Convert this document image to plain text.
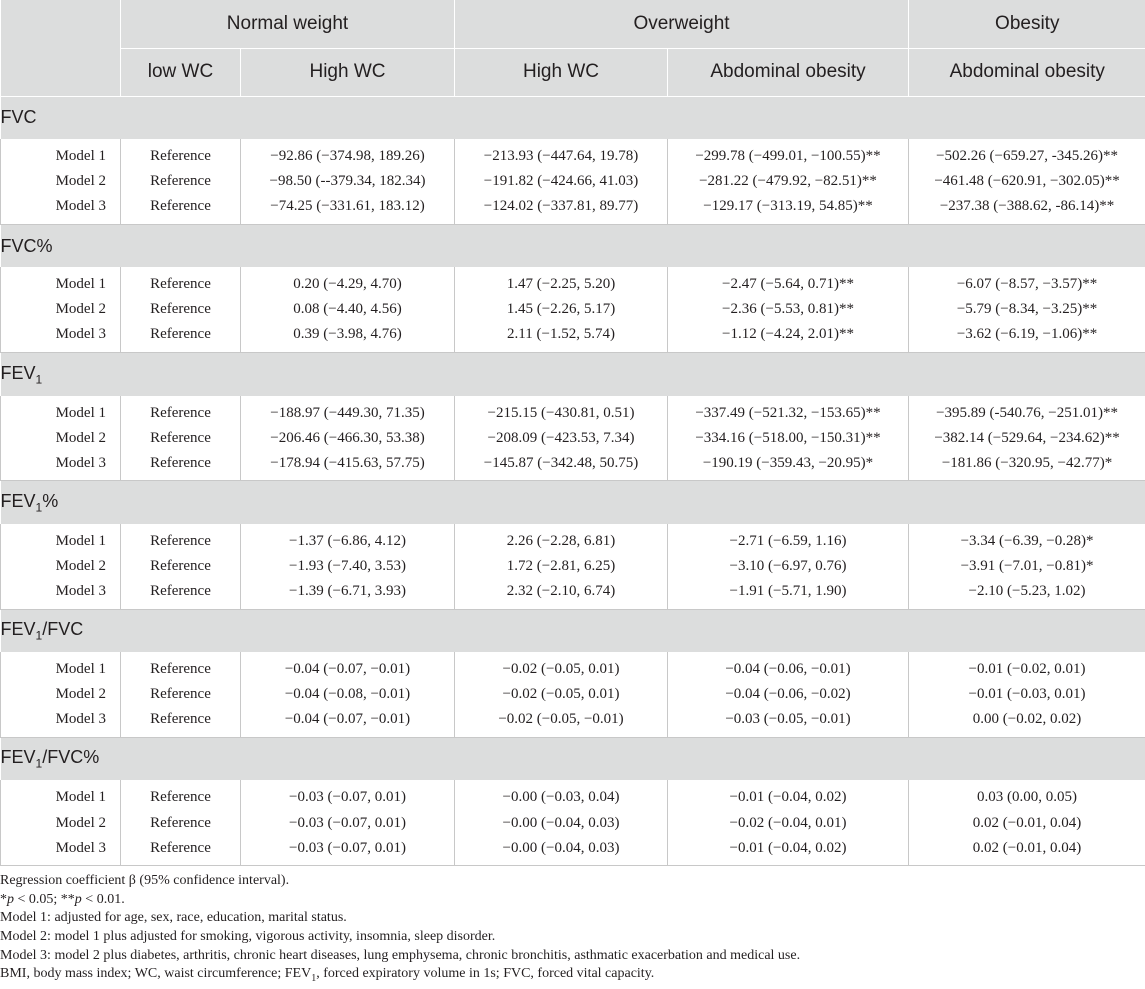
	Normal weight		Overweight		Obesity
	low WC	High WC	High WC	Abdominal obesity	Abdominal obesity
FVC					
Model 1	Reference	−92.86 (−374.98, 189.26)	−213.93 (−447.64, 19.78)	−299.78 (−499.01, −100.55)**	−502.26 (−659.27, -345.26)**
Model 2	Reference	−98.50 (--379.34, 182.34)	−191.82 (−424.66, 41.03)	−281.22 (−479.92, −82.51)**	−461.48 (−620.91, −302.05)**
Model 3	Reference	−74.25 (−331.61, 183.12)	−124.02 (−337.81, 89.77)	−129.17 (−313.19, 54.85)**	−237.38 (−388.62, -86.14)**
FVC%					
Model 1	Reference	0.20 (−4.29, 4.70)	1.47 (−2.25, 5.20)	−2.47 (−5.64, 0.71)**	−6.07 (−8.57, −3.57)**
Model 2	Reference	0.08 (−4.40, 4.56)	1.45 (−2.26, 5.17)	−2.36 (−5.53, 0.81)**	−5.79 (−8.34, −3.25)**
Model 3	Reference	0.39 (−3.98, 4.76)	2.11 (−1.52, 5.74)	−1.12 (−4.24, 2.01)**	−3.62 (−6.19, −1.06)**
$FEV_1$
Model 1	Reference	−188.97 (−449.30, 71.35)	−215.15 (−430.81, 0.51)	−337.49 (−521.32, −153.65)**	−395.89 (-540.76, −251.01)**
Model 2	Reference	−206.46 (−466.30, 53.38)	−208.09 (−423.53, 7.34)	−334.16 (−518.00, −150.31)**	−382.14 (−529.64, −234.62)**
Model 3	Reference	−178.94 (−415.63, 57.75)	−145.87 (−342.48, 50.75)	−190.19 (−359.43, −20.95)*	−181.86 (−320.95, −42.77)*
$FEV_1\%$					
Model 1	Reference	−1.37 (−6.86, 4.12)	2.26 (−2.28, 6.81)	−2.71 (−6.59, 1.16)	−3.34 (−6.39, −0.28)*
Model 2	Reference	−1.93 (−7.40, 3.53)	1.72 (−2.81, 6.25)	−3.10 (−6.97, 0.76)	−3.91 (−7.01, −0.81)*
Model 3	Reference	−1.39 (−6.71, 3.93)	2.32 (−2.10, 6.74)	−1.91 (−5.71, 1.90)	−2.10 (−5.23, 1.02)
$FEV_1$/FVC					
Model 1	Reference	−0.04 (−0.07, −0.01)	−0.02 (−0.05, 0.01)	−0.04 (−0.06, −0.01)	−0.01 (−0.02, 0.01)
Model 2	Reference	−0.04 (−0.08, −0.01)	−0.02 (−0.05, 0.01)	−0.04 (−0.06, −0.02)	−0.01 (−0.03, 0.01)
Model 3	Reference	−0.04 (−0.07, −0.01)	−0.02 (−0.05, −0.01)	−0.03 (−0.05, −0.01)	0.00 (−0.02, 0.02)
$FEV_1/FVC\%$					
Model 1	Reference	−0.03 (−0.07, 0.01)	−0.00 (−0.03, 0.04)	−0.01 (−0.04, 0.02)	0.03 (0.00, 0.05)
Model 2	Reference	−0.03 (−0.07, 0.01)	−0.00 (−0.04, 0.03)	−0.02 (−0.04, 0.01)	0.02 (−0.01, 0.04)
Model 3	Reference	−0.03 (−0.07, 0.01)	−0.00 (−0.04, 0.03)	−0.01 (−0.04, 0.02)	0.02 (−0.01, 0.04)

Regression coefficient β (95% confidence interval).

*p < 0.05; **p < 0.01.

Model 1: adjusted for age, sex, race, education, marital status.

Model 2: model 1 plus adjusted for smoking, vigorous activity, insomnia, sleep disorder.

Model 3: model 2 plus diabetes, arthritis, chronic heart diseases, lung emphysema, chronic bronchitis, asthmatic exacerbation and medical use.

BMI, body mass index; WC, waist circumference; $FEV_1$, forced expiratory volume in 1s; FVC, forced vital capacity.
